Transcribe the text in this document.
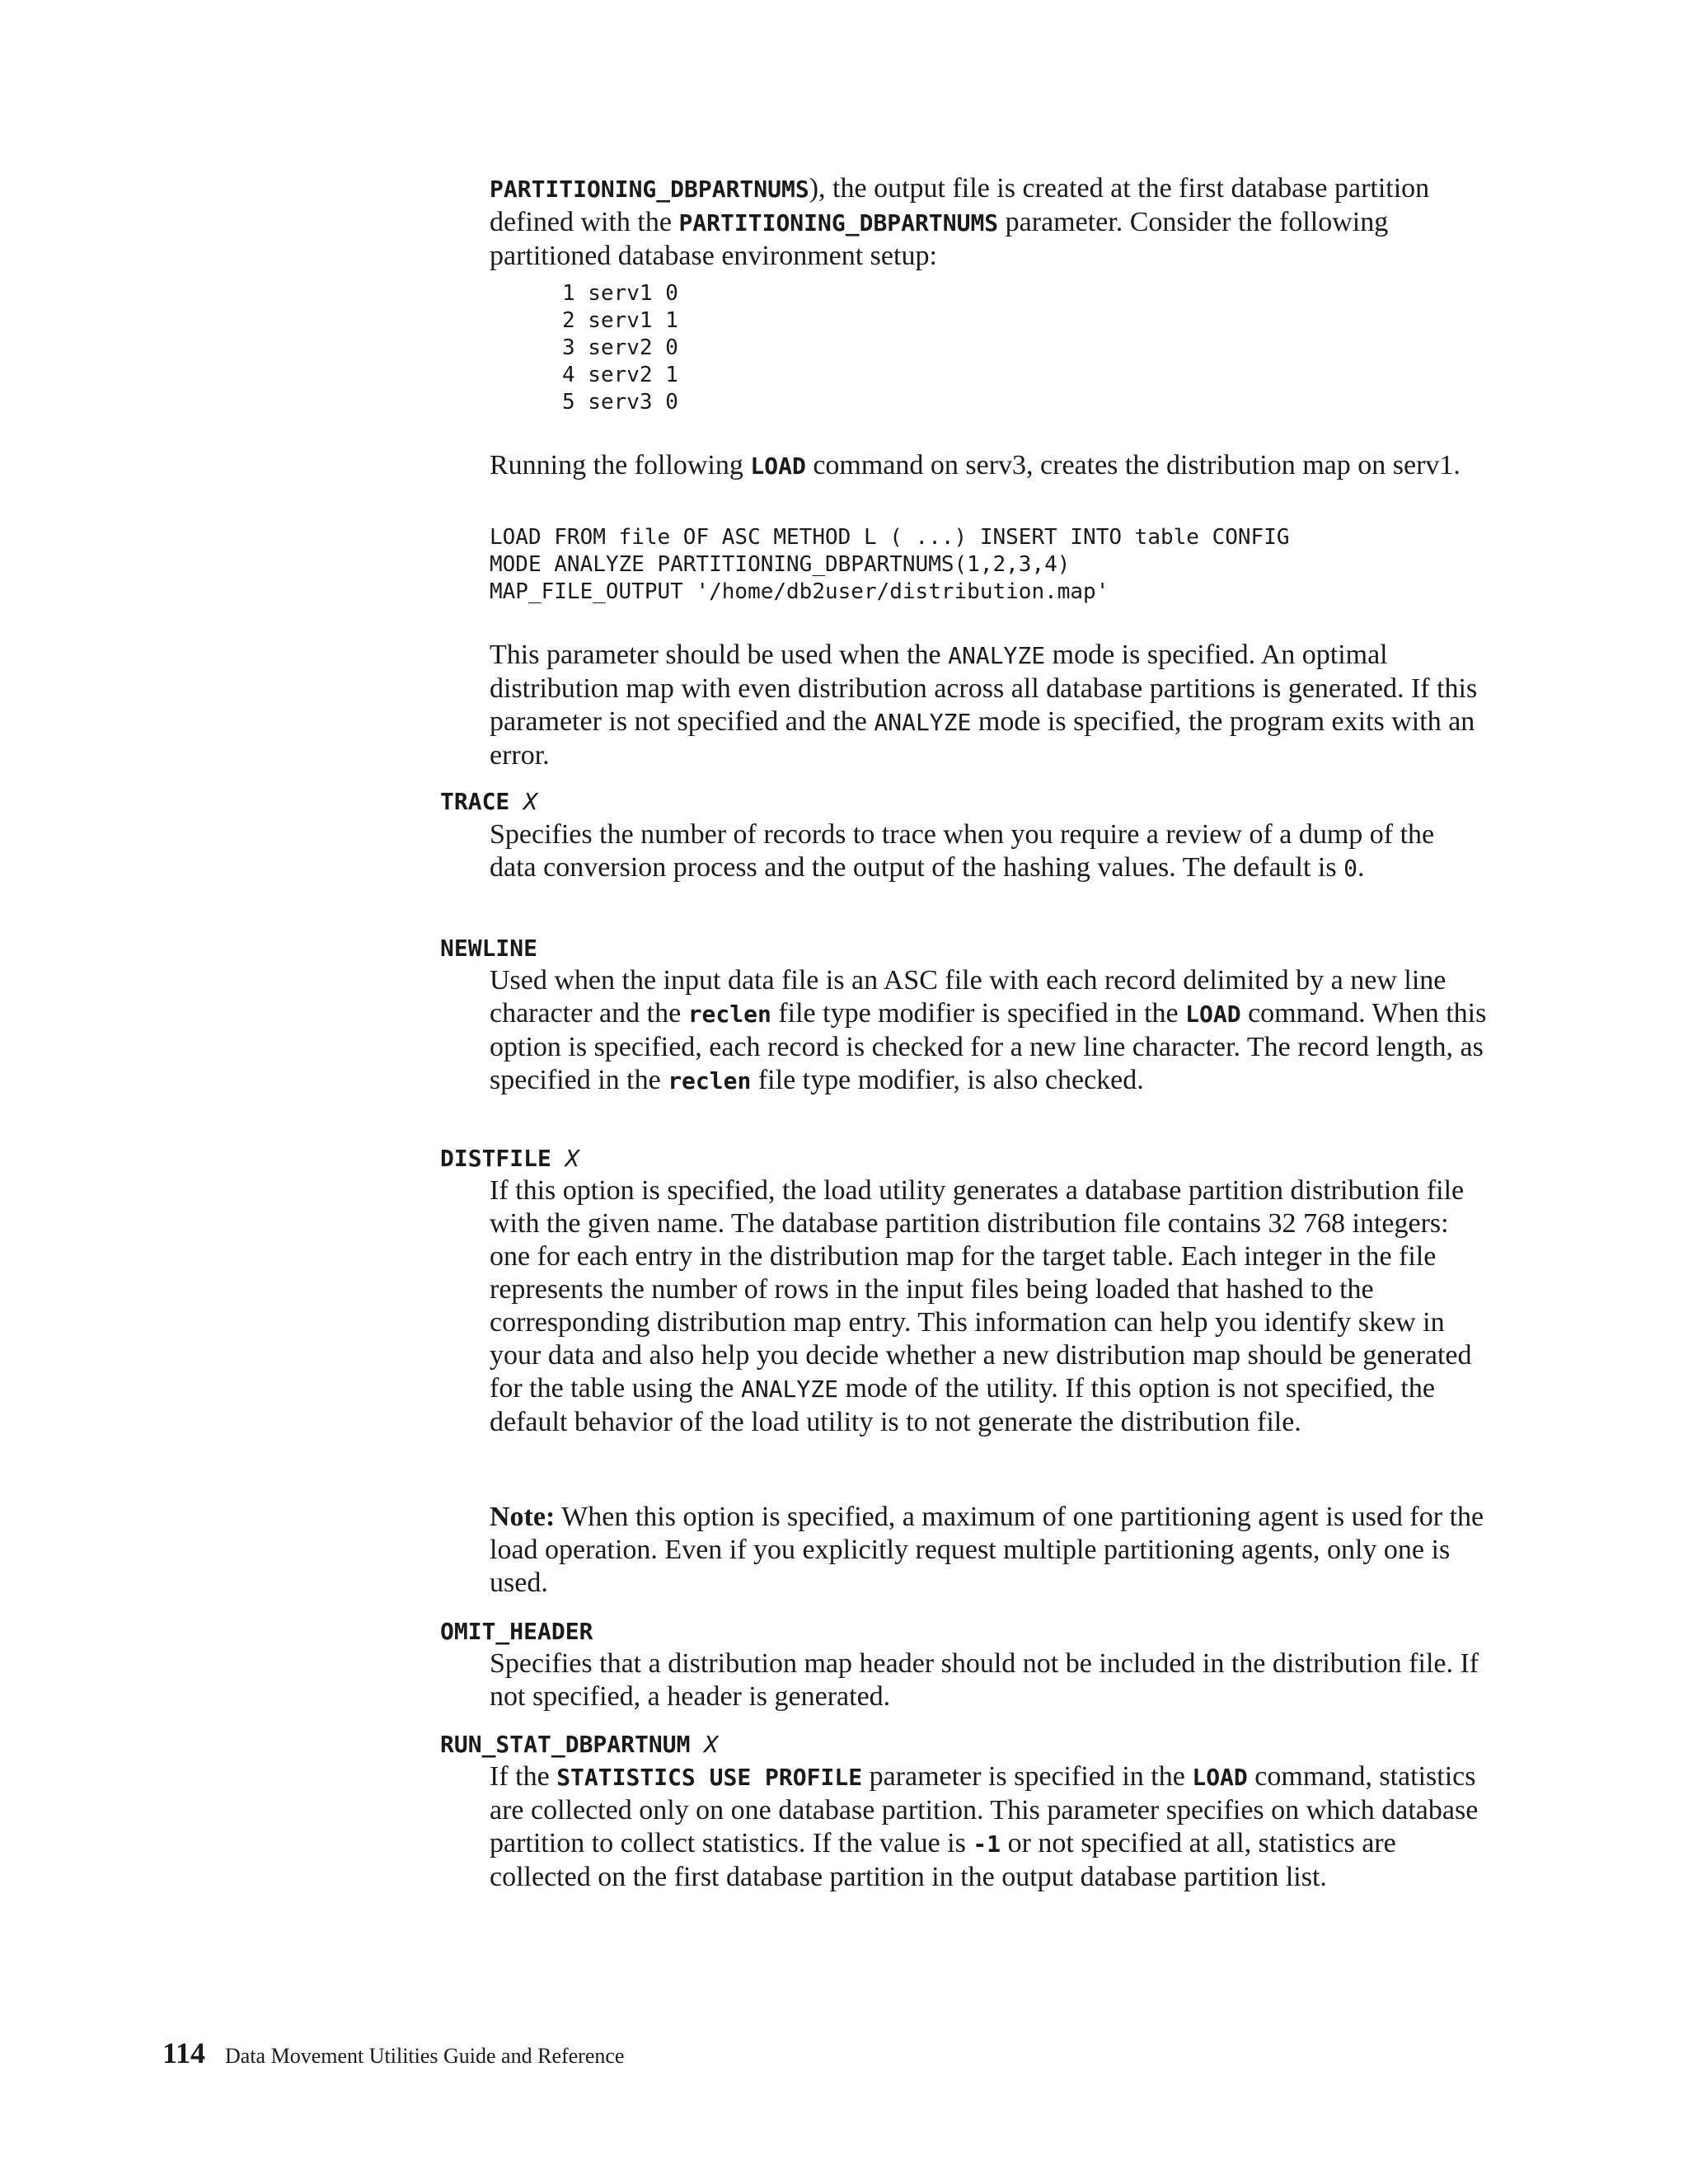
PARTITIONING_DBPARTNUMS), the output file is created at the first database partition defined with the PARTITIONING_DBPARTNUMS parameter. Consider the following partitioned database environment setup:

1 serv1 0
2 serv1 1
3 serv2 0
4 serv2 1
5 serv3 0

Running the following LOAD command on serv3, creates the distribution map on serv1.

LOAD FROM file OF ASC METHOD L ( ...) INSERT INTO table CONFIG
MODE ANALYZE PARTITIONING_DBPARTNUMS(1,2,3,4)
MAP_FILE_OUTPUT '/home/db2user/distribution.map'

This parameter should be used when the ANALYZE mode is specified. An optimal distribution map with even distribution across all database partitions is generated. If this parameter is not specified and the ANALYZE mode is specified, the program exits with an error.

TRACE X

Specifies the number of records to trace when you require a review of a dump of the data conversion process and the output of the hashing values. The default is 0.

NEWLINE

Used when the input data file is an ASC file with each record delimited by a new line character and the reclen file type modifier is specified in the LOAD command. When this option is specified, each record is checked for a new line character. The record length, as specified in the reclen file type modifier, is also checked.

DISTFILE X

If this option is specified, the load utility generates a database partition distribution file with the given name. The database partition distribution file contains 32 768 integers: one for each entry in the distribution map for the target table. Each integer in the file represents the number of rows in the input files being loaded that hashed to the corresponding distribution map entry. This information can help you identify skew in your data and also help you decide whether a new distribution map should be generated for the table using the ANALYZE mode of the utility. If this option is not specified, the default behavior of the load utility is to not generate the distribution file.

Note: When this option is specified, a maximum of one partitioning agent is used for the load operation. Even if you explicitly request multiple partitioning agents, only one is used.

OMIT_HEADER

Specifies that a distribution map header should not be included in the distribution file. If not specified, a header is generated.

RUN_STAT_DBPARTNUM X

If the STATISTICS USE PROFILE parameter is specified in the LOAD command, statistics are collected only on one database partition. This parameter specifies on which database partition to collect statistics. If the value is -1 or not specified at all, statistics are collected on the first database partition in the output database partition list.

114 Data Movement Utilities Guide and Reference
